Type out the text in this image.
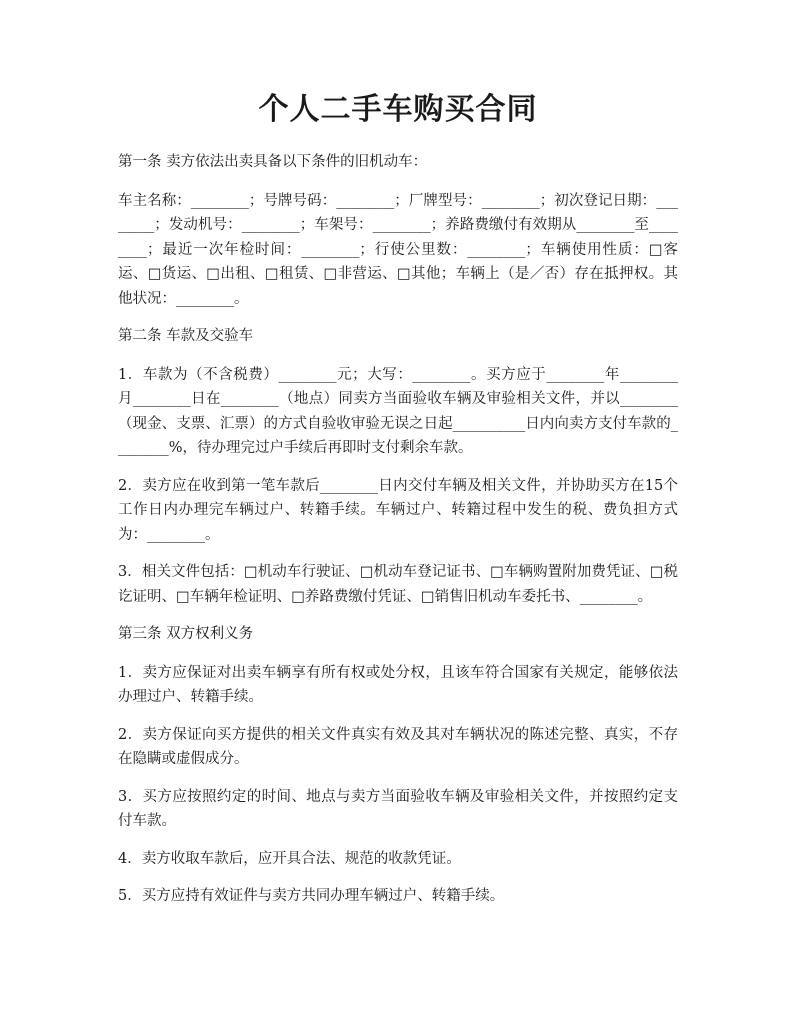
个人二手车购买合同

第一条 卖方依法出卖具备以下条件的旧机动车：

车主名称：________；号牌号码：________；厂牌型号：________；初次登记日期：________；发动机号：________；车架号：________；养路费缴付有效期从________至________；最近一次年检时间：________；行使公里数：________；车辆使用性质：□客运、□货运、□出租、□租赁、□非营运、□其他；车辆上（是／否）存在抵押权。其他状况：________。

第二条 车款及交验车

1．车款为（不含税费）________元；大写：________。买方应于________年________月________日在________（地点）同卖方当面验收车辆及审验相关文件，并以________（现金、支票、汇票）的方式自验收审验无误之日起__________日内向卖方支付车款的________%，待办理完过户手续后再即时支付剩余车款。

2．卖方应在收到第一笔车款后________日内交付车辆及相关文件，并协助买方在15个工作日内办理完车辆过户、转籍手续。车辆过户、转籍过程中发生的税、费负担方式为：________。

3．相关文件包括：□机动车行驶证、□机动车登记证书、□车辆购置附加费凭证、□税讫证明、□车辆年检证明、□养路费缴付凭证、□销售旧机动车委托书、________。

第三条 双方权利义务

1．卖方应保证对出卖车辆享有所有权或处分权，且该车符合国家有关规定，能够依法办理过户、转籍手续。

2．卖方保证向买方提供的相关文件真实有效及其对车辆状况的陈述完整、真实，不存在隐瞒或虚假成分。

3．买方应按照约定的时间、地点与卖方当面验收车辆及审验相关文件，并按照约定支付车款。

4．卖方收取车款后，应开具合法、规范的收款凭证。

5．买方应持有效证件与卖方共同办理车辆过户、转籍手续。
